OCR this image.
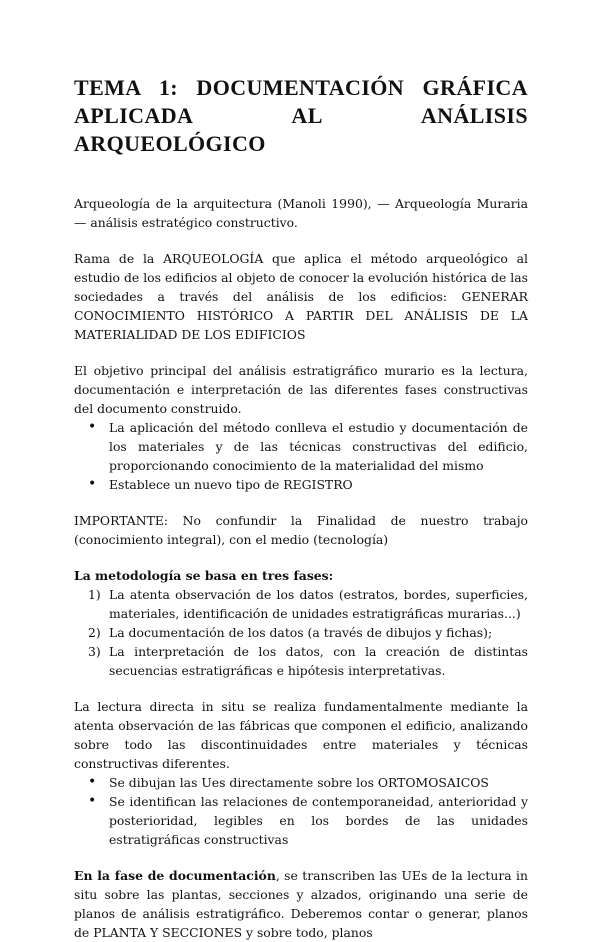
TEMA 1: DOCUMENTACIÓN GRÁFICA
APLICADA AL ANÁLISIS ARQUEOLÓGICO

Arqueología de la arquitectura (Manoli 1990), — Arqueología Muraria — análisis estratégico constructivo.

Rama de la ARQUEOLOGÍA que aplica el método arqueológico al estudio de los edificios al objeto de conocer la evolución histórica de las sociedades a través del análisis de los edificios: GENERAR CONOCIMIENTO HISTÓRICO A PARTIR DEL ANÁLISIS DE LA MATERIALIDAD DE LOS EDIFICIOS

El objetivo principal del análisis estratigráfico murario es la lectura, documentación e interpretación de las diferentes fases constructivas del documento construido.

• La aplicación del método conlleva el estudio y documentación de los materiales y de las técnicas constructivas del edificio, proporcionando conocimiento de la materialidad del mismo
• Establece un nuevo tipo de REGISTRO

IMPORTANTE: No confundir la Finalidad de nuestro trabajo (conocimiento integral), con el medio (tecnología)

La metodología se basa en tres fases:

1) La atenta observación de los datos (estratos, bordes, superficies, materiales, identificación de unidades estratigráficas murarias...)
2) La documentación de los datos (a través de dibujos y fichas);
3) La interpretación de los datos, con la creación de distintas secuencias estratigráficas e hipótesis interpretativas.

La lectura directa in situ se realiza fundamentalmente mediante la atenta observación de las fábricas que componen el edificio, analizando sobre todo las discontinuidades entre materiales y técnicas constructivas diferentes.

• Se dibujan las Ues directamente sobre los ORTOMOSAICOS
• Se identifican las relaciones de contemporaneidad, anterioridad y posterioridad, legibles en los bordes de las unidades estratigráficas constructivas

En la fase de documentación, se transcriben las UEs de la lectura in situ sobre las plantas, secciones y alzados, originando una serie de planos de análisis estratigráfico. Deberemos contar o generar, planos de PLANTA Y SECCIONES y sobre todo, planos
